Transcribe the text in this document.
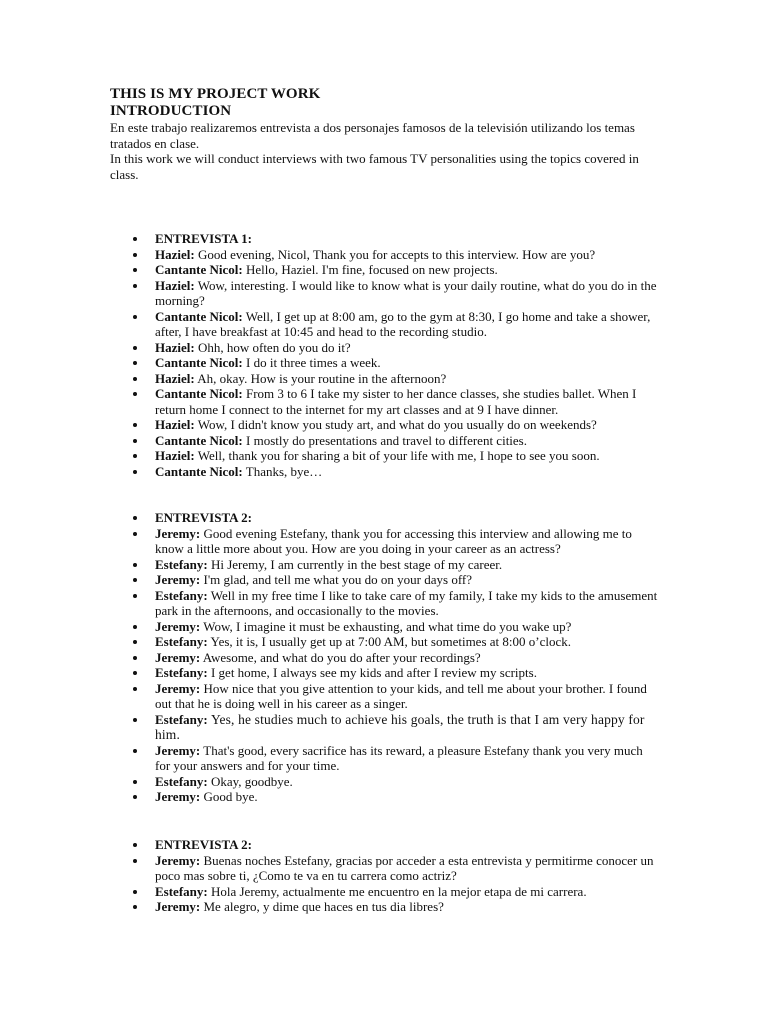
THIS IS MY PROJECT WORK
INTRODUCTION

En este trabajo realizaremos entrevista a dos personajes famosos de la televisión utilizando los temas tratados en clase.

In this work we will conduct interviews with two famous TV personalities using the topics covered in class.

ENTREVISTA 1:
Haziel: Good evening, Nicol, Thank you for accepts to this interview. How are you?
Cantante Nicol: Hello, Haziel. I'm fine, focused on new projects.
Haziel: Wow, interesting. I would like to know what is your daily routine, what do you do in the morning?
Cantante Nicol: Well, I get up at 8:00 am, go to the gym at 8:30, I go home and take a shower, after, I have breakfast at 10:45 and head to the recording studio.
Haziel: Ohh, how often do you do it?
Cantante Nicol: I do it three times a week.
Haziel: Ah, okay. How is your routine in the afternoon?
Cantante Nicol: From 3 to 6 I take my sister to her dance classes, she studies ballet. When I return home I connect to the internet for my art classes and at 9 I have dinner.
Haziel: Wow, I didn't know you study art, and what do you usually do on weekends?
Cantante Nicol: I mostly do presentations and travel to different cities.
Haziel: Well, thank you for sharing a bit of your life with me, I hope to see you soon.
Cantante Nicol: Thanks, bye…
ENTREVISTA 2:
Jeremy: Good evening Estefany, thank you for accessing this interview and allowing me to know a little more about you. How are you doing in your career as an actress?
Estefany: Hi Jeremy, I am currently in the best stage of my career.
Jeremy: I'm glad, and tell me what you do on your days off?
Estefany: Well in my free time I like to take care of my family, I take my kids to the amusement park in the afternoons, and occasionally to the movies.
Jeremy: Wow, I imagine it must be exhausting, and what time do you wake up?
Estefany: Yes, it is, I usually get up at 7:00 AM, but sometimes at 8:00 o’clock.
Jeremy: Awesome, and what do you do after your recordings?
Estefany: I get home, I always see my kids and after I review my scripts.
Jeremy: How nice that you give attention to your kids, and tell me about your brother. I found out that he is doing well in his career as a singer.
Estefany: Yes, he studies much to achieve his goals, the truth is that I am very happy for him.
Jeremy: That's good, every sacrifice has its reward, a pleasure Estefany thank you very much for your answers and for your time.
Estefany: Okay, goodbye.
Jeremy: Good bye.
ENTREVISTA 2:
Jeremy: Buenas noches Estefany, gracias por acceder a esta entrevista y permitirme conocer un poco mas sobre ti, ¿Como te va en tu carrera como actriz?
Estefany: Hola Jeremy, actualmente me encuentro en la mejor etapa de mi carrera.
Jeremy: Me alegro, y dime que haces en tus dia libres?
